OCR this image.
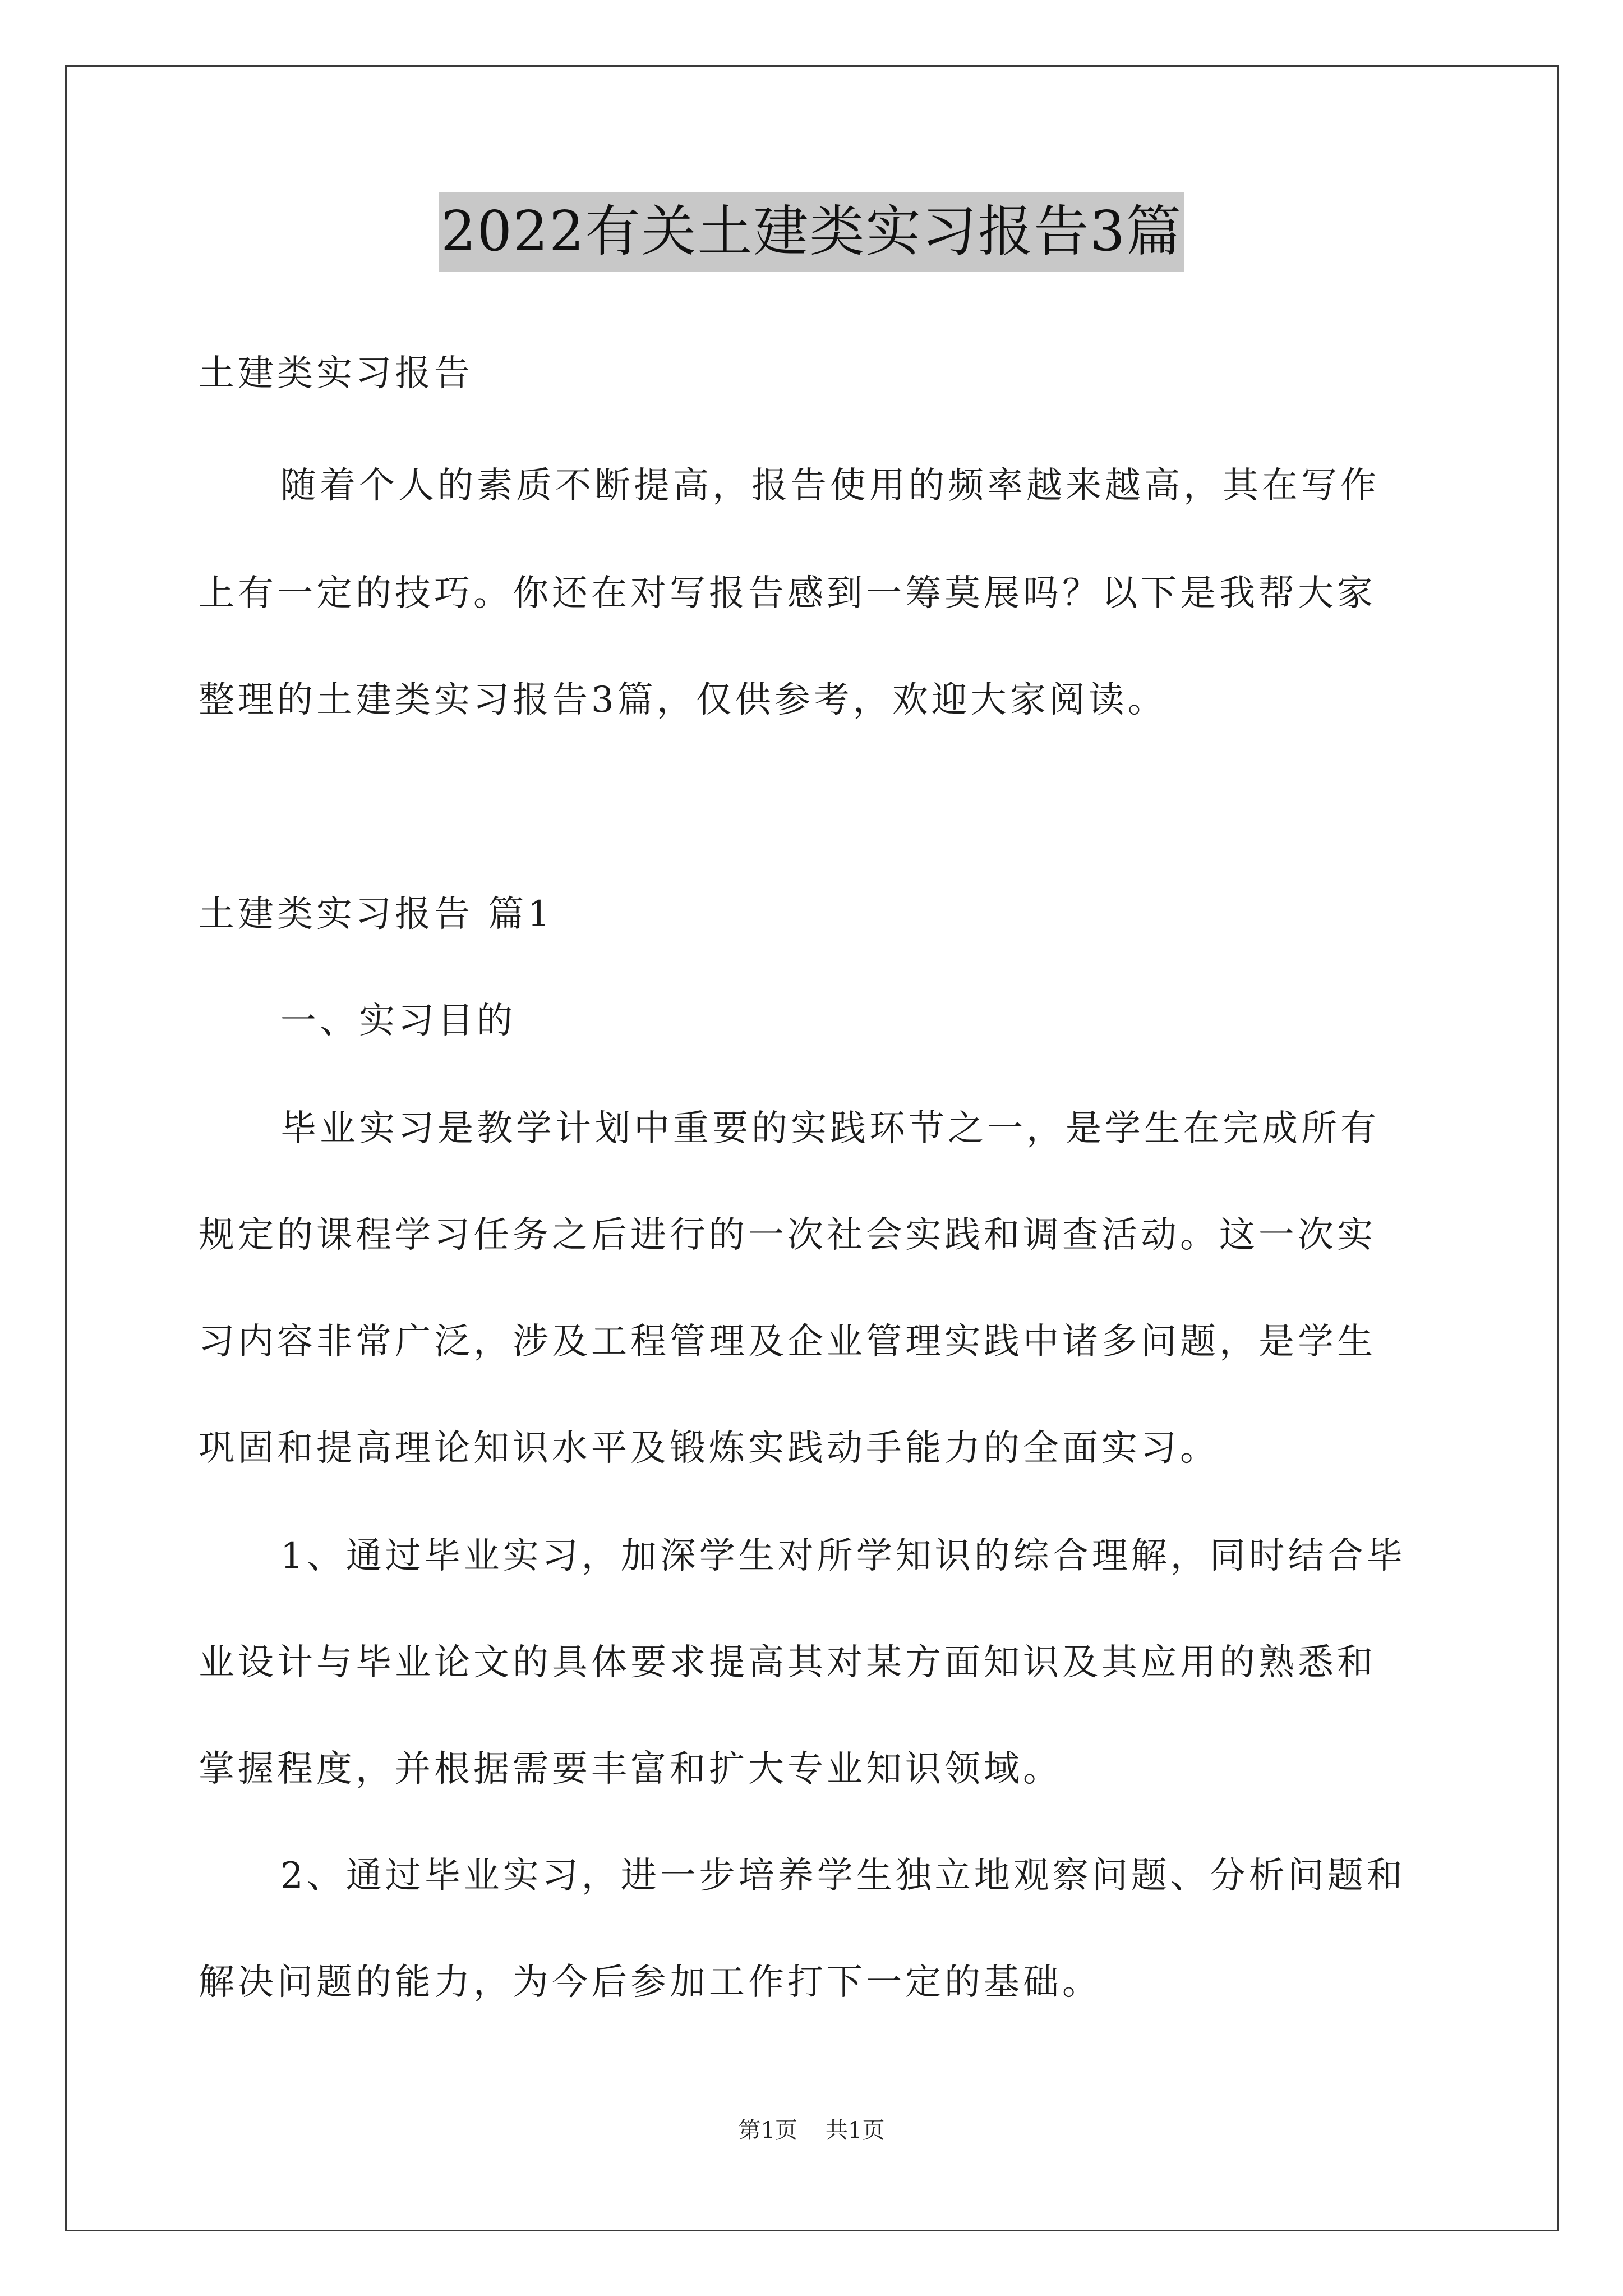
2022有关土建类实习报告3篇
土建类实习报告
随着个人的素质不断提高，报告使用的频率越来越高，其在写作
上有一定的技巧。你还在对写报告感到一筹莫展吗？以下是我帮大家
整理的土建类实习报告3篇，仅供参考，欢迎大家阅读。
土建类实习报告 篇1
一、实习目的
毕业实习是教学计划中重要的实践环节之一，是学生在完成所有
规定的课程学习任务之后进行的一次社会实践和调查活动。这一次实
习内容非常广泛，涉及工程管理及企业管理实践中诸多问题，是学生
巩固和提高理论知识水平及锻炼实践动手能力的全面实习。
1、通过毕业实习，加深学生对所学知识的综合理解，同时结合毕
业设计与毕业论文的具体要求提高其对某方面知识及其应用的熟悉和
掌握程度，并根据需要丰富和扩大专业知识领域。
2、通过毕业实习，进一步培养学生独立地观察问题、分析问题和
解决问题的能力，为今后参加工作打下一定的基础。
第1页 共1页
